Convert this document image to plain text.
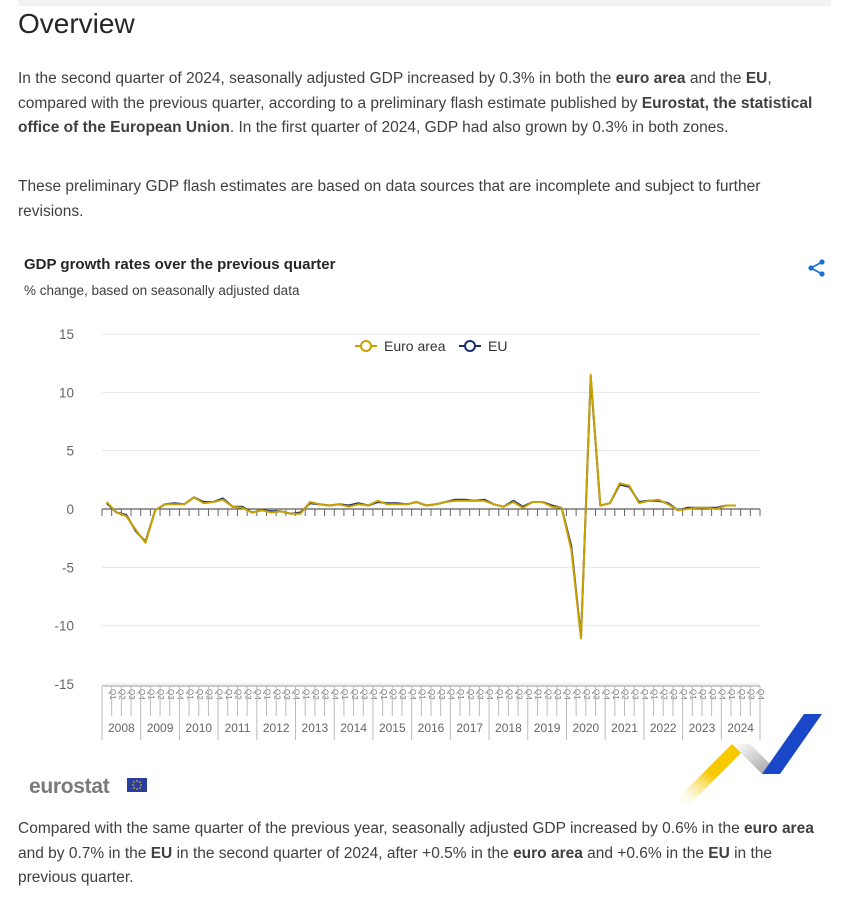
Overview

In the second quarter of 2024, seasonally adjusted GDP increased by 0.3% in both the euro area and the EU, compared with the previous quarter, according to a preliminary flash estimate published by Eurostat, the statistical office of the European Union. In the first quarter of 2024, GDP had also grown by 0.3% in both zones.

These preliminary GDP flash estimates are based on data sources that are incomplete and subject to further revisions.

GDP growth rates over the previous quarter

% change, based on seasonally adjusted data

15
10
5
0
-5
-10
-15
Q1 Q2 Q3 Q4 Q1 Q2 Q3 Q4 Q1 Q2 Q3 Q4 Q1 Q2 Q3 Q4 Q1 Q2 Q3 Q4 Q1 Q2 Q3 Q4 Q1 Q2 Q3 Q4 Q1 Q2 Q3 Q4 Q1 Q2 Q3 Q4 Q1 Q2 Q3 Q4 Q1 Q2 Q3 Q4 Q1 Q2 Q3 Q4 Q1 Q2 Q3 Q4 Q1 Q2 Q3 Q4 Q1 Q2 Q3 Q4 Q1 Q2 Q3 Q4 Q1 Q2 Q3 Q4
2008 2009 2010 2011 2012 2013 2014 2015 2016 2017 2018 2019 2020 2021 2022 2023 2024
Euro area	EU
eurostat

Compared with the same quarter of the previous year, seasonally adjusted GDP increased by 0.6% in the euro area and by 0.7% in the EU in the second quarter of 2024, after +0.5% in the euro area and +0.6% in the EU in the previous quarter.
